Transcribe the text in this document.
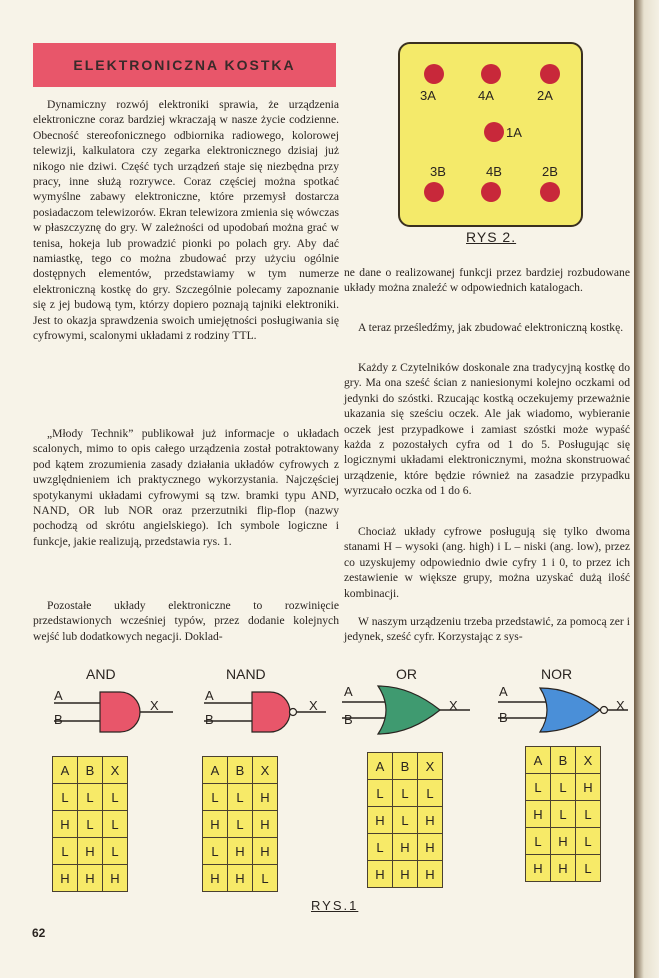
ELEKTRONICZNA KOSTKA

Dynamiczny rozwój elektroniki sprawia, że urządzenia elektroniczne coraz bardziej wkraczają w nasze życie codzienne. Obecność stereofonicznego odbiornika radiowego, kolorowej telewizji, kalkulatora czy zegarka elektronicznego dzisiaj już nikogo nie dziwi. Część tych urządzeń staje się niezbędna przy pracy, inne służą rozrywce. Coraz częściej można spotkać wymyślne zabawy elektroniczne, które przemysł dostarcza posiadaczom telewizorów. Ekran telewizora zmienia się wówczas w płaszczyznę do gry. W zależności od upodobań można grać w tenisa, hokeja lub prowadzić pionki po polach gry. Aby dać namiastkę, tego co można zbudować przy użyciu ogólnie dostępnych elementów, przedstawiamy w tym numerze elektroniczną kostkę do gry. Szczególnie polecamy zapoznanie się z jej budową tym, którzy dopiero poznają tajniki elektroniki. Jest to okazja sprawdzenia swoich umiejętności posługiwania się cyfrowymi, scalonymi układami z rodziny TTL.

„Młody Technik” publikował już informacje o układach scalonych, mimo to opis całego urządzenia został potraktowany pod kątem zrozumienia zasady działania układów cyfrowych z uwzględnieniem ich praktycznego wykorzystania. Najczęściej spotykanymi układami cyfrowymi są tzw. bramki typu AND, NAND, OR lub NOR oraz przerzutniki flip-flop (nazwy pochodzą od skrótu angielskiego). Ich symbole logiczne i funkcje, jakie realizują, przedstawia rys. 1.

Pozostałe układy elektroniczne to rozwinięcie przedstawionych wcześniej typów, przez dodanie kolejnych wejść lub dodatkowych negacji. Doklad-

3A	4A	2A
1A
3B	4B	2B
RYS 2.

ne dane o realizowanej funkcji przez bardziej rozbudowane układy można znaleźć w odpowiednich katalogach.

A teraz prześledźmy, jak zbudować elektroniczną kostkę.

Każdy z Czytelników doskonale zna tradycyjną kostkę do gry. Ma ona sześć ścian z naniesionymi kolejno oczkami od jedynki do szóstki. Rzucając kostką oczekujemy przeważnie ukazania się sześciu oczek. Ale jak wiadomo, wybieranie oczek jest przypadkowe i zamiast szóstki może wypaść każda z pozostałych cyfra od 1 do 5. Posługując się logicznymi układami elektronicznymi, można skonstruować urządzenie, które będzie również na zasadzie przypadku wyrzucało oczka od 1 do 6.

Chociaż układy cyfrowe posługują się tylko dwoma stanami H – wysoki (ang. high) i L – niski (ang. low), przez co uzyskujemy odpowiednio dwie cyfry 1 i 0, to przez ich zestawienie w większe grupy, można uzyskać dużą ilość kombinacji.

W naszym urządzeniu trzeba przedstawić, za pomocą zer i jedynek, sześć cyfr. Korzystając z sys-

AND
A
B
X
A	B	X
L	L	L
H	L	L
L	H	L
H	H	H
NAND
A
B
X
A	B	X
L	L	H
H	L	H
L	H	H
H	H	L
OR
A
B
X
A	B	X
L	L	L
H	L	H
L	H	H
H	H	H
NOR
A
B
X
A	B	X
L	L	H
H	L	L
L	H	L
H	H	L
RYS.1
62
